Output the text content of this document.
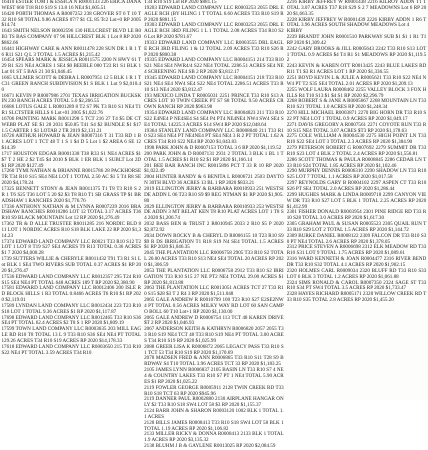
16410 ESTIER TOM I & ESSICA N R0001133 226 ERICA DANA WEST 660 T18 R10 S19 S 13.8 16 NE4 $1,605.51

16420 PORTH THOMAS A R0007252 238 GROVER ST 6 T 10 T32 R10 S8 TOTAL 9.86 ACRES 07/7 $1 CL 85 Tc2 Lot+0 RP 2005 $14.74

1643 SMITH NELSON R0002596 130 HILLCREST BLVD LE R0 B3 TS BAS COMPANY 07 96 HILLCREST BLK 1 Lot 8 RP 2020 $862.66

16441 HIGHWAY CARE & ANN R0011478 228 SUN DR 1 R 1 T6 R11 S21 Q L 3 TOTAL 1.5 ACRES $1,215.42

16454 SPEARS MARK & JESSICA R0011575 2200 N HWY 61 T29 R1 S21 NE4 ACRES 1 SE4 $0 BEEBLE 000 T23 R1 S1 BLK 1 Lot 01 ST 5 BAS 21 30 $1,046.45

1665 ULLMER SCOTT & DEBRA L R0007951 12 5 BLK 1 R 1 TC31 GREEN RANCH SUBDIVISION $1 S BLK 1 Lot 9 $2,010.40

16671 KEVIN P R0007986 2701 TEXAS IRRIGATION BUCKSKIN 230 RANCH ACRES TOTAL 5.0 $2,266.55

16686 LOTUS GALE L R0001289 8 T2 S7 PK T3 R10 S1 NE4 T1 R1 SLCTSTER HILLS 6 Lot+01 2005 $1,022.76

16706 PAINTING MARK R0011298 5 TCT 216 27 T4 $5 DE CT WEBB PLAT SE $1 28 2031 $50.85 T41 S4 $2 BUNDLE $1 $17 1.5 CARTER 1 $1 LOTAB 2 TR 2019 $2,131.21

16726 ARTHUR HOWARD & JEAN R0007316 T 31 T33 RD 1 B 1 ACRES LOT 1 TCT 48 T 1 S 1 $4 D 5 Lot 1 $2 AREA 6 SE 12 $14.39

1717 HOUSTON EDGAR R0001338 T38 R33 S1 NE4 ACRES $1 $7 T 2 HE 2 $2 T45 $4 2010 $ BLK 1 ER BLK 1 SUBLT Lot 2D $1 RP 2020 $127.49

17260 TYMI NATHAN & BRIANNE R0015786 28 PACKHORSE TR T34 R10 S15 SE4 NE4 LOT 1 TOTAL 2.50 AC $1 5 T4 R8 SE 2020 $4,178.24

17325 BENNETT STONY & JEAN R0011375 T1 T8 T3 R10 S 2 R 1 T6 S25 T36 LOT 5 20 $2 $3 T8 R10 T1 SB GRASS TP $1 BRADSHAW 1 RANCHES 2020 $1,776.76

17336 ANTHONY NATHAN & M LYNNA R0007239 2016 BRADSHAW RANCHES R0010286 LOT 12 TOTAL 3.17 ACRES T36 R10 S9 BLACK MOUNTAIN Lot 12 RP 2020 $1,276.49

17362 TR & D ALLE TRUSTEE R0011285 216 NORDIC BLD 8 11 LOT 1 NORDIC ACRES R10 S18 BLK LAKE 22 RP 2020 $1,314.23

17374 EDWARD LAND COMPANY LLC R0021 T33 R10 S12 T2 LOT 1 LOT 8 T19 S27 SE4 ACRES T9 R13 TOTAL 0.36 ACRES $1 7 2020 $4,000.28

1739 SUTTERS WILLIE & CHERYLE R0011432 T91 T3 R1 S1 Lot BLK 1 SE4 TWO RIVERS SUB TOTAL 0.37 ACRES $1 RP 2020 $1,276.47

17536 EDWARD LAND COMPANY LLC R0012357 295 T24 R10 S15 SE4 NE4 PT TOTAL 648 ACRES 189 T RP 2020 $2,380.90

17581 EDWARD LAND COMPANY LLC R0012406 200 ISLE RD BLOCK HILLS 1 R3 TOTAL 0.8466 ACRES T6 R10 $1 RP 2020 $2,119.01

17589 LYNDAN LAND COMPANY LLC R0012434 223 T23 R10 S18 LOT 1 TOTAL 9.36 ACRES $1 RP 2020 $1,117.87

17698 EDWARD LAND COMPANY LLC R0012465 T33 R10 S36 SE4 PT TOTAL 62.4 ACRES $2 T8 S 1 RP 2020 $1,809.19

17599 TOWN LAND COMPANY LLC R0003635 203 MILL EAGLE RD R10 T8 TOTAL 13 L 9 T33 R10 S36 SE4 NE4 PT TOTAL 129.26 ACRES T34 R10 S19 ACRES RP 2020 $14,178.33

17618 EDWARD LAND COMPANY LLC R0003650 215 T33 R10 S22 NE4 PT TOTAL 3.59 ACRES T34 R10

T34 R10 S19 Lot RP 2020 $881.15

19203 EDWARD LAND COMPANY LLC R0003253 2055 DRL EAGLE RCH (BY HLING 1 T TOTAL 6.60 ACRES T33 R10 S19 RP 2020 $881.15

19303 EDWARD LAND COMPANY LLC R0003253 2055 DRL EAGLE RCH 3RD FILING 1 L 1 TOTAL 2.08 ACRES T34 R10 S26 Lot RP 2020 $781.67

19333 EDWARD LAND COMPANY LLC R0003555 DRL EAGLE RCH 3RD FILING 1 & 12 TOTAL 2.09 ACRES T33 R10 S26 RP 2020 $800.38

19335 EDWARD LAND COMPANY LLC R0004151 214 T33 R10 S21 NE4 SE4 NWR4/4 S22 NE4 TOTAL 2286.51 ACRES SE4 NE4 SCREENING NE4 SB 2 RP 2020 $3,812.17

19345 EDWARD LAND COMPANY LLC R0004151 218 T33 R10 S21 NE4 SE4 NW4 SE4 S22 NE4 TOTAL 2286.51 ACRES T33 R10 S13 NE4 2020 $3,812.47

193 MEXICO LINDA T R0005031 2251 PRINCE T33 R10 S13 ACRES LOT 10 TWIN CREEK PT S7 S8 TOTAL 9.50 ACRES CROWN RANCH RP 2020 $963.98

19354 EDWARD LAND COMPANY LLC R0004823 211 T33 R10 S22 E4NE4 P NE4SE4 S4 SE4 P4 PT4 NE4NE4 NW4 SW4 SE4 SE4 TOTAL 14225.3 ACRES S14 SW4 RP 2020 $12,048.64

19364 STANLEY LAND COMPANY LLC R0008040 211 T33 R10 S23 SE4 NE4 PT NE4NE4 PT SE4 NE4 3 R 2 PT TOTAL 1.62 ACRES T34 R10 S22 NE4 RP 2020 $1,043.83

1998 PARK JOHN & D R0007153 TOTAL 3 6 RP 2020 $1,119.52

200 PARK JOHN & D R0007131 2931 2 TOTAL 3 BLK 1 BL 1 TOTAL 1.5 ACRES $1 R10 S2 $1 RP 2020 $1,166.14

201 BEE BAR RANCH INC R0015896 PCT T 33 R 10 RP 2020 $1,022.49

2004 HUNTER RANDY & 6 BENITA L R0006721 2503 DAYTON 30TH BLVD 36 ACRES 13 BL 1 RP 2020 $833.21

2019 ELLINGTON JERRY & BARBARA R0010933 251 WESTSIDE ADDN L 06 T23 R10 S9 $9 REG NTMAN $1 RP 2020 $1,905.80

2029 ELLINGTON JERRY & BARBARA R0010933 253 WESTSIDE ADDN 3 MT RELAT KEN T8 R10 PLAT ACRES LOT 1 T8 S4 2020 $1,206.74

2032 BASS BEN & TRUST 2 R0010945 2033 2 R10 S5 P 2020 $2,872.92

2034 DOWN ROCKY B & CHERYL D R0006155 10 T23 R10 S9 $9 R DS IRRIGATION T1 R18 S19 N4 SE4 TOTAL 1.5 ACRES $1 RP 2020 $1,046.35

2045 THE PLANTATION LLC R0006758 2905 T33 R10 S2 TOTAL 20.00 ACRES T33 R10 S13 NE4 SE4 TOTAL 20 ACRES RP 2020 $1,306.59

2053 THE PLANTATION LLC R0006758 2912 T33 R10 S2 IRRIGATION T33 R10 S15 27 NE PT2 NE4 TOTAL 29.00 ACRES $1 RP 2020 $1,813.88

2063 THE PLANTATION LLC R0013051 ACRES TCT 27 T33 R10 S15 $28 $3 T 2 R4 3 RP 2020 $1,511.048

2065 GALE ANDREW R R0010799 100 T23 R10 S27 E2SE2NW4 PT TOTAL 0.56 ACRES MILKY WAY RD LOT 60 SAN CAMPO BOLL 60 T10 Lot+1 RP 2020 $1,130.00

2065 GALE ANDREW D R0006754 113 TCT 48 KAREN DRIVE $T 2 RP 2020 $1,046.93

2067 ANDERSON KEITH & KATHRYN R0006820 2057 2055 T33 R10 S19 NE4 TCT 48 T33 R10 S19 NE4 PT TOTAL 3.00 ACRES T34 R10 S19 RP 2020 $1,025.99

2088 GREER LISA K R0006872 2065 LEGACY PASS T33 R10 S1 TCT 53 T34 R10 S19 RP 2020 $1,170.69

2078 MADSEN FRED & ANN R0006865 T33 R10 S11 T28 S9 BRDWAY S4 T10 TOTAL 3.96 ACRES TCT 33 RP 2020 $1,183.25

2105 JAMES LYNN R0006837 2105 BASIN LN T33 R10 S7 4 NE4 & COUNTRY LAKES T33 R10 S7 PT 1 NE4 TOTAL 5.90 ACRES $1 RP 2020 $1,025.22

2119 FOWLER GEORGE R0005911 2128 TWIN CREEK RD T33 R10 S18 TCT 63 RP 2020 $945.96

2119 DANNER PAUL R0002880 2130 AIRPLANE HANGAR ONLY $2 T33 R10 S18 SW4 LOT 58 $3 RP 2020 $1,155.37

2124 BARR JOHN & SHARON R0003120 1002 BLK 1 TOTAL 1.1 ACRES

2128 BILLS JAMES R0008413 T33 R10 S18 SW4 LOT 58 BLK 1 TOTAL 1.19 ACRES RP 2020 $1,106.82

2133 MILLER RICKY & DONNA R0008413 2133 BLK 1 TOTAL 1.9 ACRES RP 2020 $3,135.32

2138 BLUHM J B & GAYLENE R0013025 RP 2020 $2,084.59

2216 KIRBY JEFFREY W R0001438 2216 KILROY ADDN T1 TOTAL 3.07 ACRES T37 R18 S29 S 2 7 MEADOWNS Lot 6 RP 2020 $1,663.35

2228 KIRBY JEFFREY W R0001439 2226 KIRBY ADDN 1 R6 TOTAL 3.96 ACRES SOUTH SHADOW MEADOWS Lot 4

KIRBY

2239 BRANDT JOHN R0001510 PARKWAY SUB $1 $1 1 R1 T1 RP 2020 $1,309.42

2242 GARY BROOKS & JILL R0005643 2242 T33 R10 S13 LOT 1 TOTAL 0.9 ACRES $4 T4 R1 S1 MEADOWS RP 2020 $1,119.52

2243 KEVIN & KAREN OTT R0013425 2243 BLUE LAKES RD R11 T1 $3 R1 ACRES LOT 1 RP 2020 $1,336.55

2251 BOYD KEVIN L & JULIE A R0005621 T33 R10 S22 NE4 NW4 PT T2 S35 SE4 TOTAL 2.01 ACRES RP 2020 $1,209.13

2255 WOLF LAURA R0008462 2255 VALLEY BLOCK 3 FOX HILLS R4 T10 S13 $1 $4 S1 RP 2020 $2,296.79

2268 ROBERT S & JANE A R0005667 2268 MOUNTAIN LN T33 R10 S21 TOTAL 1.0 ACRES RP 2020 $1,248.34

2270 HILL MICHAEL R0003871 2270 BIG HORN DR T33 R10 S22 PT NE4 LOT 1 TOTAL 0.9 ACRES RP 2020 $1,049.17

2271 DAVIS GREGORY A R0007561 2271 COYOTE RUN T33 R10 S15 NE4 TOTAL 3.07 ACRES $T3 RP 2020 $1,178.63

2275 COLE WILLIAM A R0004530 2275 HIGH POINT LN T33 R10 S22 SE4 LOT 3 TOTAL 2.3 ACRES RP 2020 $1,384.90

2279 PETERSON ROBERT G R0007692 2279 SUMMIT DR T33 R10 S23 LOT 4 BLK 2 TOTAL 2.4 ACRES RP 2020 $1,556.81

2286 SCOTT THOMAS & PAULA R0008845 2286 CEDAR LN T33 R10 S24 TOTAL 1.85 ACRES RP 2020 $1,102.46

2290 MURPHY DENNIS R0006310 2290 SHADOW LN T33 R10 S25 LOT 7 TOTAL 1.1 ACRES RP 2020 $1,017.58

2297 REYNOLDS GARY B R0004102 2297 ASPEN CT T33 R10 S26 PT SE4 TOTAL 2.0 ACRES RP 2020 $1,286.44

2299 HUGHES MARK & LINDA R0009718 2299 CANYON VIEW DR T33 R10 S27 LOT 5 BLK 1 TOTAL 2.25 ACRES RP 2020 $1,412.99

2301 FISHER DONALD R0003954 2301 PINE RIDGE RD T33 R10 S28 TOTAL 3.0 ACRES RP 2020 $1,617.30

2305 GRAHAM PAUL & SUSAN R0005523 2305 QUAIL RUN T33 R10 S29 LOT 2 TOTAL 1.5 ACRES RP 2020 $1,144.72

2309 BURKE DANIEL R0008122 2309 FALCON DR T33 R10 S30 PT NE4 TOTAL 2.6 ACRES RP 2020 $1,378.05

2312 PRICE STEVEN A R0006698 2312 ELK MEADOW RD T33 R10 S31 LOT 9 TOTAL 1.75 ACRES RP 2020 $1,089.61

2316 WARD KENNETH & JOAN R0004477 2316 RIVER BEND DR T33 R10 S32 TOTAL 4.1 ACRES RP 2020 $1,902.15

2320 HOLMES CARL R0009034 2320 BLUFF RD T33 R10 S33 LOT 6 BLK 3 TOTAL 1.2 ACRES RP 2020 $1,061.88

2324 SIMS RONALD & CAROL R0007350 2324 SAGE ST T33 R10 S34 PT SW4 TOTAL 3.5 ACRES RP 2020 $1,733.47

2328 HAYES RICHARD R0005171 2328 WILLOW CREEK RD T33 R10 S35 TOTAL 2.8 ACRES RP 2020 $1,455.20
